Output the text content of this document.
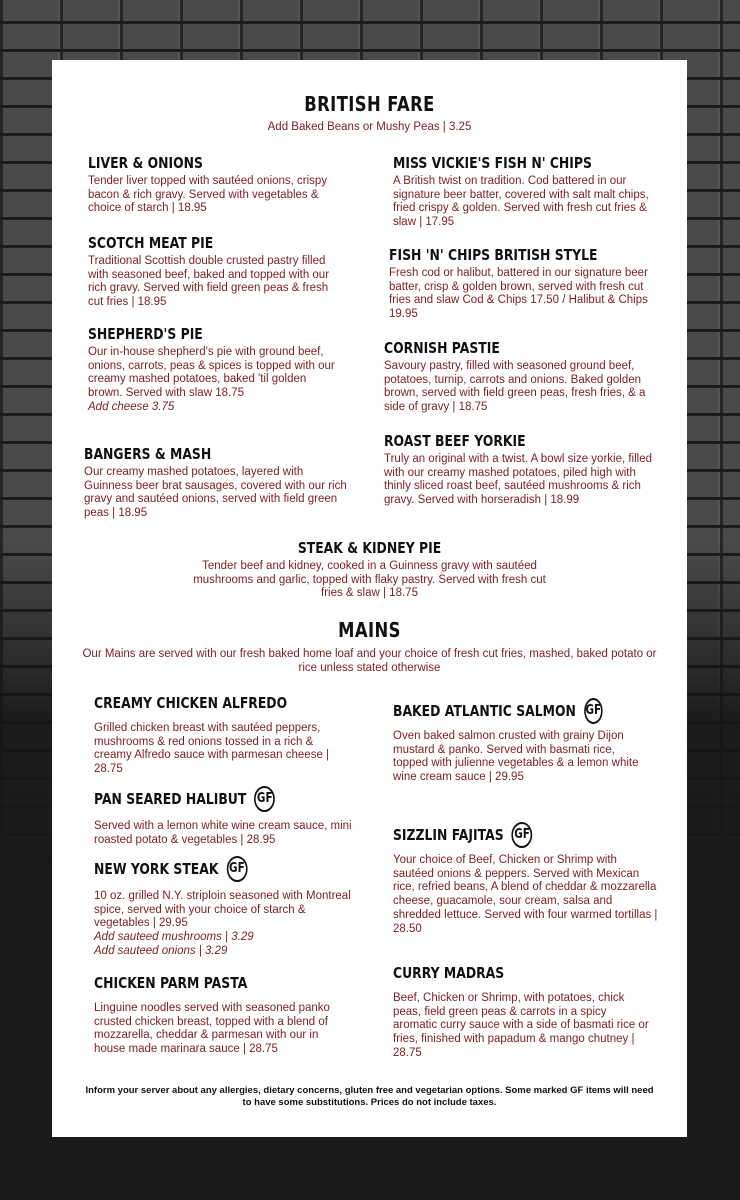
BRITISH FARE
Add Baked Beans or Mushy Peas | 3.25
LIVER & ONIONS
Tender liver topped with sautéed onions, crispy bacon & rich gravy. Served with vegetables & choice of starch | 18.95
SCOTCH MEAT PIE
Traditional Scottish double crusted pastry filled with seasoned beef, baked and topped with our rich gravy. Served with field green peas & fresh cut fries | 18.95
SHEPHERD'S PIE
Our in-house shepherd's pie with ground beef, onions, carrots, peas & spices is topped with our creamy mashed potatoes, baked 'til golden brown. Served with slaw 18.75
Add cheese 3.75
BANGERS & MASH
Our creamy mashed potatoes, layered with Guinness beer brat sausages, covered with our rich gravy and sautéed onions, served with field green peas | 18.95
MISS VICKIE'S FISH N' CHIPS
A British twist on tradition. Cod battered in our signature beer batter, covered with salt malt chips, fried crispy & golden. Served with fresh cut fries & slaw | 17.95
FISH 'N' CHIPS BRITISH STYLE
Fresh cod or halibut, battered in our signature beer batter, crisp & golden brown, served with fresh cut fries and slaw Cod & Chips 17.50 / Halibut & Chips 19.95
CORNISH PASTIE
Savoury pastry, filled with seasoned ground beef, potatoes, turnip, carrots and onions. Baked golden brown, served with field green peas, fresh fries, & a side of gravy | 18.75
ROAST BEEF YORKIE
Truly an original with a twist. A bowl size yorkie, filled with our creamy mashed potatoes, piled high with thinly sliced roast beef, sautéed mushrooms & rich gravy. Served with horseradish | 18.99
STEAK & KIDNEY PIE
Tender beef and kidney, cooked in a Guinness gravy with sautéed mushrooms and garlic, topped with flaky pastry. Served with fresh cut fries & slaw | 18.75
MAINS
Our Mains are served with our fresh baked home loaf and your choice of fresh cut fries, mashed, baked potato or rice unless stated otherwise
CREAMY CHICKEN ALFREDO
Grilled chicken breast with sautéed peppers, mushrooms & red onions tossed in a rich & creamy Alfredo sauce with parmesan cheese | 28.75
PAN SEARED HALIBUT GF
Served with a lemon white wine cream sauce, mini roasted potato & vegetables | 28.95
NEW YORK STEAK GF
10 oz. grilled N.Y. striploin seasoned with Montreal spice, served with your choice of starch & vegetables | 29.95
Add sauteed mushrooms | 3.29
Add sauteed onions | 3.29
CHICKEN PARM PASTA
Linguine noodles served with seasoned panko crusted chicken breast, topped with a blend of mozzarella, cheddar & parmesan with our in house made marinara sauce | 28.75
BAKED ATLANTIC SALMON GF
Oven baked salmon crusted with grainy Dijon mustard & panko. Served with basmati rice, topped with julienne vegetables & a lemon white wine cream sauce | 29.95
SIZZLIN FAJITAS GF
Your choice of Beef, Chicken or Shrimp with sautéed onions & peppers. Served with Mexican rice, refried beans, A blend of cheddar & mozzarella cheese, guacamole, sour cream, salsa and shredded lettuce. Served with four warmed tortillas | 28.50
CURRY MADRAS
Beef, Chicken or Shrimp, with potatoes, chick peas, field green peas & carrots in a spicy aromatic curry sauce with a side of basmati rice or fries, finished with papadum & mango chutney | 28.75
Inform your server about any allergies, dietary concerns, gluten free and vegetarian options. Some marked GF items will need to have some substitutions. Prices do not include taxes.
